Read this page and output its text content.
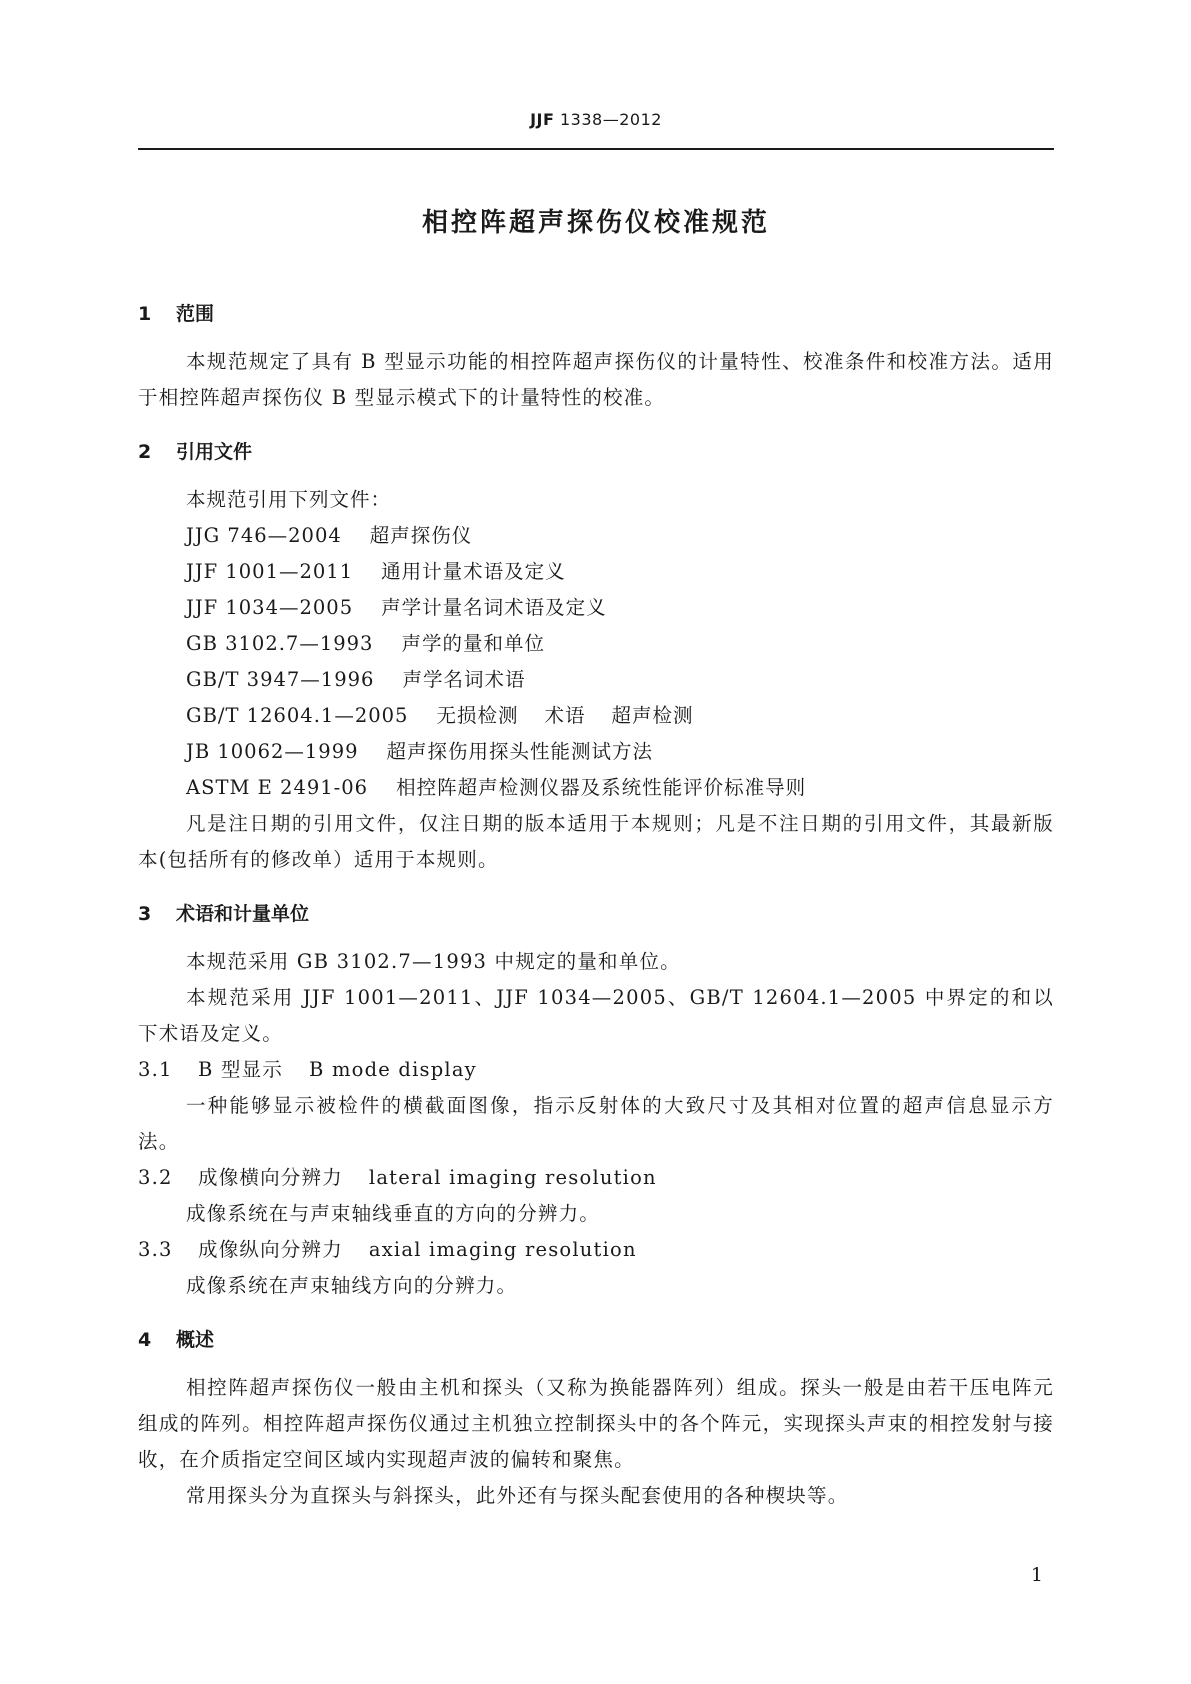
JJF 1338—2012
相控阵超声探伤仪校准规范

1 范围

本规范规定了具有 B 型显示功能的相控阵超声探伤仪的计量特性、校准条件和校准方法。适用于相控阵超声探伤仪 B 型显示模式下的计量特性的校准。

2 引用文件

本规范引用下列文件：

JJG 746—2004 超声探伤仪

JJF 1001—2011 通用计量术语及定义

JJF 1034—2005 声学计量名词术语及定义

GB 3102.7—1993 声学的量和单位

GB/T 3947—1996 声学名词术语

GB/T 12604.1—2005 无损检测 术语 超声检测

JB 10062—1999 超声探伤用探头性能测试方法

ASTM E 2491-06 相控阵超声检测仪器及系统性能评价标准导则

凡是注日期的引用文件，仅注日期的版本适用于本规则；凡是不注日期的引用文件，其最新版本(包括所有的修改单）适用于本规则。

3 术语和计量单位

本规范采用 GB 3102.7—1993 中规定的量和单位。

本规范采用 JJF 1001—2011、JJF 1034—2005、GB/T 12604.1—2005 中界定的和以下术语及定义。

3.1 B 型显示 B mode display

一种能够显示被检件的横截面图像，指示反射体的大致尺寸及其相对位置的超声信息显示方法。

3.2 成像横向分辨力 lateral imaging resolution

成像系统在与声束轴线垂直的方向的分辨力。

3.3 成像纵向分辨力 axial imaging resolution

成像系统在声束轴线方向的分辨力。

4 概述

相控阵超声探伤仪一般由主机和探头（又称为换能器阵列）组成。探头一般是由若干压电阵元组成的阵列。相控阵超声探伤仪通过主机独立控制探头中的各个阵元，实现探头声束的相控发射与接收，在介质指定空间区域内实现超声波的偏转和聚焦。

常用探头分为直探头与斜探头，此外还有与探头配套使用的各种楔块等。

1
